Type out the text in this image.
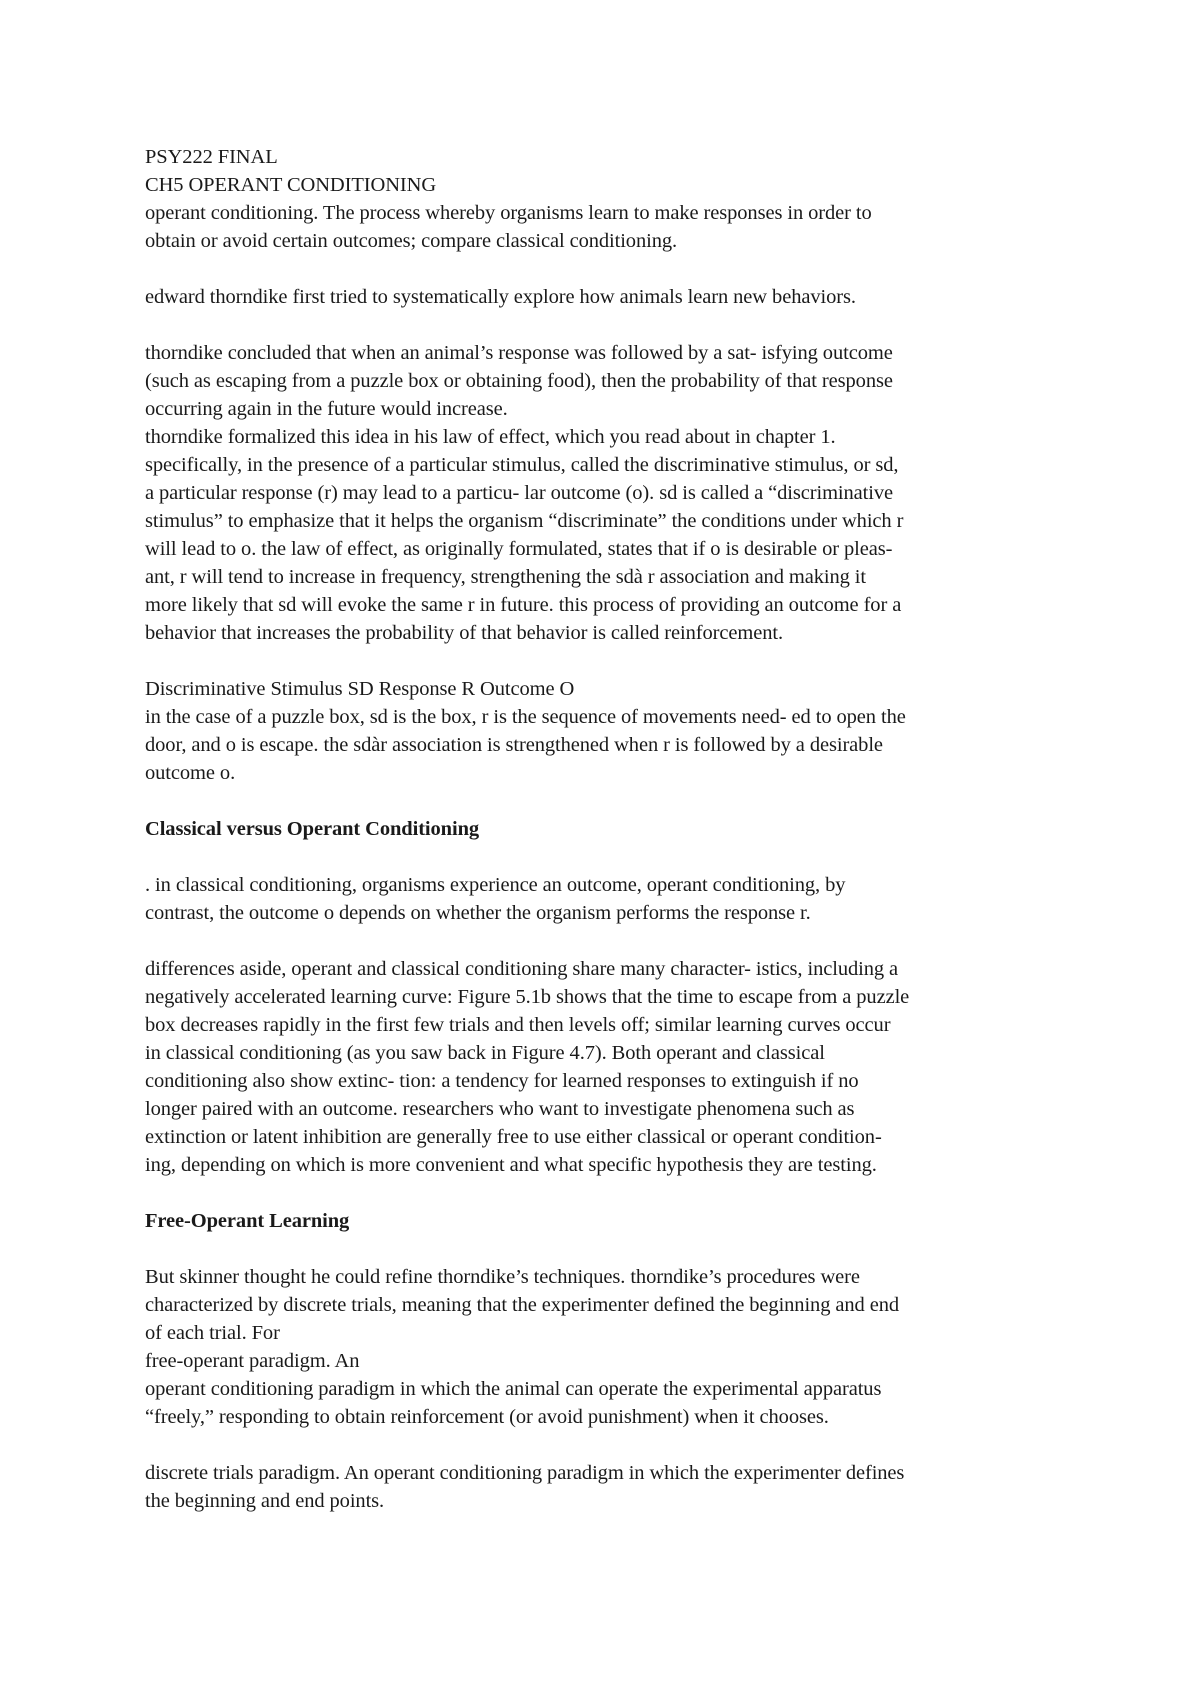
PSY222 FINAL
CH5 OPERANT CONDITIONING
operant conditioning. The process whereby organisms learn to make responses in order to
obtain or avoid certain outcomes; compare classical conditioning.
edward thorndike first tried to systematically explore how animals learn new behaviors.
thorndike concluded that when an animal’s response was followed by a sat- isfying outcome
(such as escaping from a puzzle box or obtaining food), then the probability of that response
occurring again in the future would increase.
thorndike formalized this idea in his law of effect, which you read about in chapter 1.
specifically, in the presence of a particular stimulus, called the discriminative stimulus, or sd,
a particular response (r) may lead to a particu- lar outcome (o). sd is called a “discriminative
stimulus” to emphasize that it helps the organism “discriminate” the conditions under which r
will lead to o. the law of effect, as originally formulated, states that if o is desirable or pleas-
ant, r will tend to increase in frequency, strengthening the sdà r association and making it
more likely that sd will evoke the same r in future. this process of providing an outcome for a
behavior that increases the probability of that behavior is called reinforcement.
Discriminative Stimulus SD Response R Outcome O
in the case of a puzzle box, sd is the box, r is the sequence of movements need- ed to open the
door, and o is escape. the sdàr association is strengthened when r is followed by a desirable
outcome o.
Classical versus Operant Conditioning
. in classical conditioning, organisms experience an outcome, operant conditioning, by
contrast, the outcome o depends on whether the organism performs the response r.
differences aside, operant and classical conditioning share many character- istics, including a
negatively accelerated learning curve: Figure 5.1b shows that the time to escape from a puzzle
box decreases rapidly in the first few trials and then levels off; similar learning curves occur
in classical conditioning (as you saw back in Figure 4.7). Both operant and classical
conditioning also show extinc- tion: a tendency for learned responses to extinguish if no
longer paired with an outcome. researchers who want to investigate phenomena such as
extinction or latent inhibition are generally free to use either classical or operant condition-
ing, depending on which is more convenient and what specific hypothesis they are testing.
Free-Operant Learning
But skinner thought he could refine thorndike’s techniques. thorndike’s procedures were
characterized by discrete trials, meaning that the experimenter defined the beginning and end
of each trial. For
free-operant paradigm. An
operant conditioning paradigm in which the animal can operate the experimental apparatus
“freely,” responding to obtain reinforcement (or avoid punishment) when it chooses.
discrete trials paradigm. An operant conditioning paradigm in which the experimenter defines
the beginning and end points.
